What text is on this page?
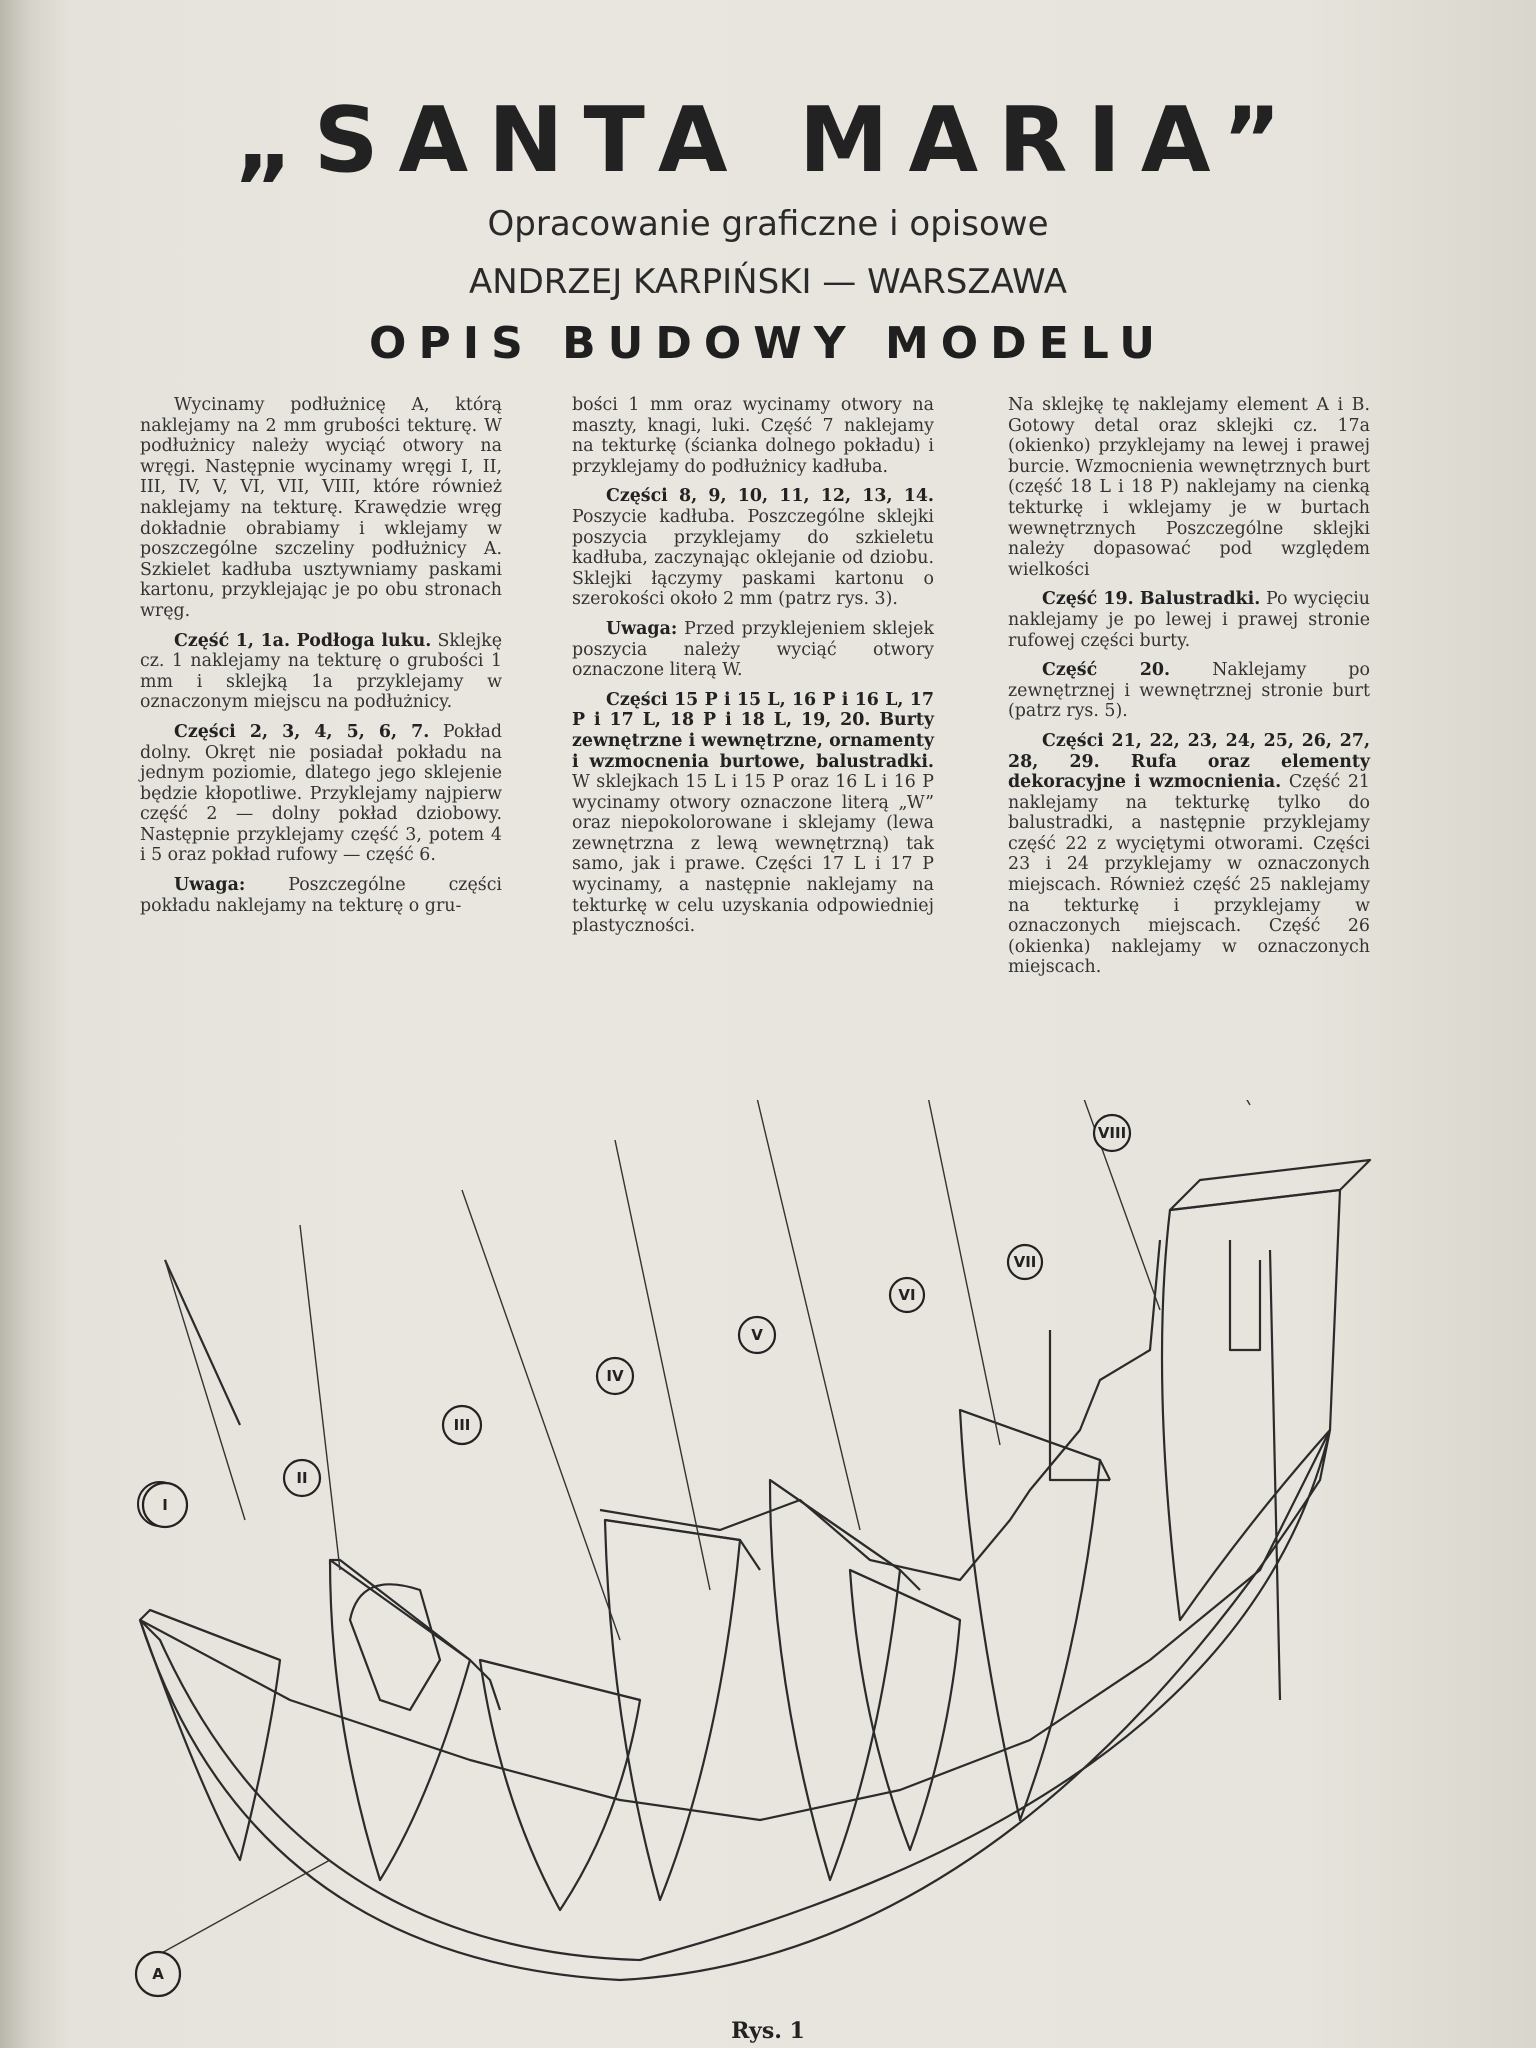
„SANTA MARIA”

Opracowanie graficzne i opisowe

ANDRZEJ KARPIŃSKI — WARSZAWA

OPIS BUDOWY MODELU

Wycinamy podłużnicę A, którą naklejamy na 2 mm grubości tekturę. W podłużnicy należy wyciąć otwory na wręgi. Następnie wycinamy wręgi I, II, III, IV, V, VI, VII, VIII, które również naklejamy na tekturę. Krawędzie wręg dokładnie obrabiamy i wklejamy w poszczególne szczeliny podłużnicy A. Szkielet kadłuba usztywniamy paskami kartonu, przyklejając je po obu stronach wręg.

Część 1, 1a. Podłoga luku. Sklejkę cz. 1 naklejamy na tekturę o grubości 1 mm i sklejką 1a przyklejamy w oznaczonym miejscu na podłużnicy.

Części 2, 3, 4, 5, 6, 7. Pokład dolny. Okręt nie posiadał pokładu na jednym poziomie, dlatego jego sklejenie będzie kłopotliwe. Przyklejamy najpierw część 2 — dolny pokład dziobowy. Następnie przyklejamy część 3, potem 4 i 5 oraz pokład rufowy — część 6.

Uwaga: Poszczególne części pokładu naklejamy na tekturę o gru-

bości 1 mm oraz wycinamy otwory na maszty, knagi, luki. Część 7 naklejamy na tekturkę (ścianka dolnego pokładu) i przyklejamy do podłużnicy kadłuba.

Części 8, 9, 10, 11, 12, 13, 14. Poszycie kadłuba. Poszczególne sklejki poszycia przyklejamy do szkieletu kadłuba, zaczynając oklejanie od dziobu. Sklejki łączymy paskami kartonu o szerokości około 2 mm (patrz rys. 3).

Uwaga: Przed przyklejeniem sklejek poszycia należy wyciąć otwory oznaczone literą W.

Części 15 P i 15 L, 16 P i 16 L, 17 P i 17 L, 18 P i 18 L, 19, 20. Burty zewnętrzne i wewnętrzne, ornamenty i wzmocnenia burtowe, balustradki. W sklejkach 15 L i 15 P oraz 16 L i 16 P wycinamy otwory oznaczone literą „W” oraz niepokolorowane i sklejamy (lewa zewnętrzna z lewą wewnętrzną) tak samo, jak i prawe. Części 17 L i 17 P wycinamy, a następnie naklejamy na tekturkę w celu uzyskania odpowiedniej plastyczności.

Na sklejkę tę naklejamy element A i B. Gotowy detal oraz sklejki cz. 17a (okienko) przyklejamy na lewej i prawej burcie. Wzmocnienia wewnętrznych burt (część 18 L i 18 P) naklejamy na cienką tekturkę i wklejamy je w burtach wewnętrznych Poszczególne sklejki należy dopasować pod względem wielkości

Część 19. Balustradki. Po wycięciu naklejamy je po lewej i prawej stronie rufowej części burty.

Część 20. Naklejamy po zewnętrznej i wewnętrznej stronie burt (patrz rys. 5).

Części 21, 22, 23, 24, 25, 26, 27, 28, 29. Rufa oraz elementy dekoracyjne i wzmocnienia. Część 21 naklejamy na tekturkę tylko do balustradki, a następnie przyklejamy część 22 z wyciętymi otworami. Części 23 i 24 przyklejamy w oznaczonych miejscach. Również część 25 naklejamy na tekturkę i przyklejamy w oznaczonych miejscach. Część 26 (okienka) naklejamy w oznaczonych miejscach.

I
II
III
IV
V
VI
VII
VIII
A
Rys. 1
